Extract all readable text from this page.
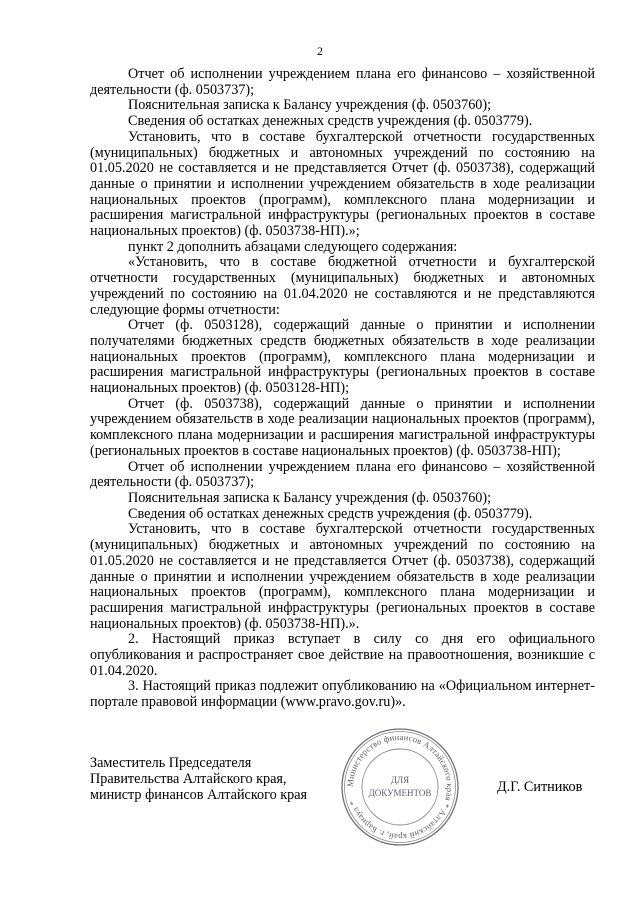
2

Отчет об исполнении учреждением плана его финансово – хозяйственной деятельности (ф. 0503737);

Пояснительная записка к Балансу учреждения (ф. 0503760);

Сведения об остатках денежных средств учреждения (ф. 0503779).

Установить, что в составе бухгалтерской отчетности государственных (муниципальных) бюджетных и автономных учреждений по состоянию на 01.05.2020 не составляется и не представляется Отчет (ф. 0503738), содержащий данные о принятии и исполнении учреждением обязательств в ходе реализации национальных проектов (программ), комплексного плана модернизации и расширения магистральной инфраструктуры (региональных проектов в составе национальных проектов) (ф. 0503738-НП).»;

пункт 2 дополнить абзацами следующего содержания:

«Установить, что в составе бюджетной отчетности и бухгалтерской отчетности государственных (муниципальных) бюджетных и автономных учреждений по состоянию на 01.04.2020 не составляются и не представляются следующие формы отчетности:

Отчет (ф. 0503128), содержащий данные о принятии и исполнении получателями бюджетных средств бюджетных обязательств в ходе реализации национальных проектов (программ), комплексного плана модернизации и расширения магистральной инфраструктуры (региональных проектов в составе национальных проектов) (ф. 0503128-НП);

Отчет (ф. 0503738), содержащий данные о принятии и исполнении учреждением обязательств в ходе реализации национальных проектов (программ), комплексного плана модернизации и расширения магистральной инфраструктуры (региональных проектов в составе национальных проектов) (ф. 0503738-НП);

Отчет об исполнении учреждением плана его финансово – хозяйственной деятельности (ф. 0503737);

Пояснительная записка к Балансу учреждения (ф. 0503760);

Сведения об остатках денежных средств учреждения (ф. 0503779).

Установить, что в составе бухгалтерской отчетности государственных (муниципальных) бюджетных и автономных учреждений по состоянию на 01.05.2020 не составляется и не представляется Отчет (ф. 0503738), содержащий данные о принятии и исполнении учреждением обязательств в ходе реализации национальных проектов (программ), комплексного плана модернизации и расширения магистральной инфраструктуры (региональных проектов в составе национальных проектов) (ф. 0503738-НП).».

2. Настоящий приказ вступает в силу со дня его официального опубликования и распространяет свое действие на правоотношения, возникшие с 01.04.2020.

3. Настоящий приказ подлежит опубликованию на «Официальном интернет-портале правовой информации (www.pravo.gov.ru)».

Заместитель Председателя
Правительства Алтайского края,
министр финансов Алтайского края	Д.Г. Ситников
Министерство финансов Алтайского края * Алтайский край, г. Барнаул *
ДЛЯ
ДОКУМЕНТОВ
